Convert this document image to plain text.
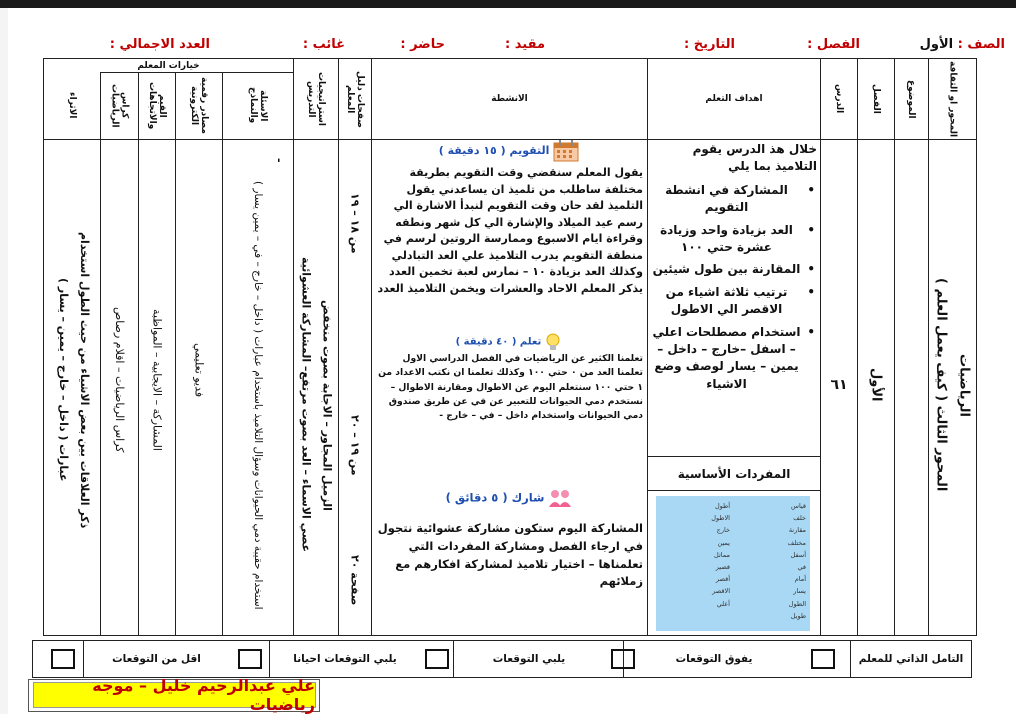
الصف : الأول
الفصل :
التاريخ :
مقيد :
حاضر :
غائب :
العدد الاجمالي :
المحور او الثقافة
الموضوع
الفصل
الدرس
اهداف التعلم
الانشطة
صفحات دليل المعلم
استراتيجيات التدريس
خيارات المعلم
الاسئلة والنماذج
مصادر رقمية الكترونية
القيم والاتجاهات
كراس الرياضيات
الاثراء
المحور الثالث ( كيف يعمل العلم ) الرياضيات
الأول
٦١
خلال هذ الدرس يقوم التلاميذ بما يلي
• المشاركة في انشطة التقويم
• العد بزيادة واحد وزيادة عشرة حتي ١٠٠
• المقارنة بين طول شيئين
• ترتيب ثلاثة اشياء من الاقصر الي الاطول
• استخدام مصطلحات اعلي – اسفل –خارج – داخل – يمين – يسار لوصف وضع الاشياء
المفردات الأساسية
قياس
خلف
مقارنة
مختلف
أسفل
في
أمام
يسار
الطول
طويل
أطول
الاطول
خارج
يمين
مماثل
قصير
أقصر
الاقصر
أعلي
التقويم ( ١٥ دقيقة )
يقول المعلم سنقضي وقت التقويم بطريقة مختلفة ساطلب من تلميذ ان يساعدني يقول التلميذ لقد حان وقت التقويم لنبدأ الاشارة الي رسم عيد الميلاد والإشارة الي كل شهر ونطقه وقراءة ايام الاسبوع وممارسة الروتين لرسم في منطقة التقويم يدرب التلاميذ علي العد التبادلي وكذلك العد بزيادة ١٠ – نمارس لعبة تخمين العدد يذكر المعلم الاحاد والعشرات ويخمن التلاميذ العدد
تعلم ( ٤٠ دقيقة )
تعلمنا الكثير عن الرياضيات في الفصل الدراسي الاول تعلمنا العد من ٠ حتي ١٠٠ وكذلك تعلمنا ان نكتب الاعداد من ١ حتي ١٠٠ سنتعلم اليوم عن الاطوال ومقارنة الاطوال – نستخدم دمي الحيوانات للتعبير عن في عن طريق صندوق دمي الحيوانات واستخدام داخل – في – خارج -
شارك ( ٥ دقائق )
المشاركة اليوم ستكون مشاركة عشوائية نتجول في ارجاء الفصل ومشاركة المفردات التي تعلمناها – اختيار تلاميذ لمشاركة افكارهم مع زملائهم
من ١٨ – ١٩
من ١٩ – ٢٠
صفحة ٢٠
الزميل المجاور – الاجابة بصوت منخفض
عصي الاسماء – العد بصوت مرتفع– المشاركة العشوائية
-
استخدام حقيبة دمي الحيوانات وسؤال التلاميذ باستخدام عبارات ( داخل – خارج – في – يمين يسار )
فديو تعليمي
المشاركة – الايجابية – المواظبة
كراس الرياضيات – اقلام رصاص
ذكر العلاقات بين بعض الاشياء من حيث الطول استخدام عبارات ( داخل – خارج – يمين – يسار )
التامل الذاتي للمعلم
يفوق التوقعات
يلبي التوقعات
يلبي التوقعات احيانا
اقل من التوقعات
علي عبدالرحيم خليل – موجه رياضيات
